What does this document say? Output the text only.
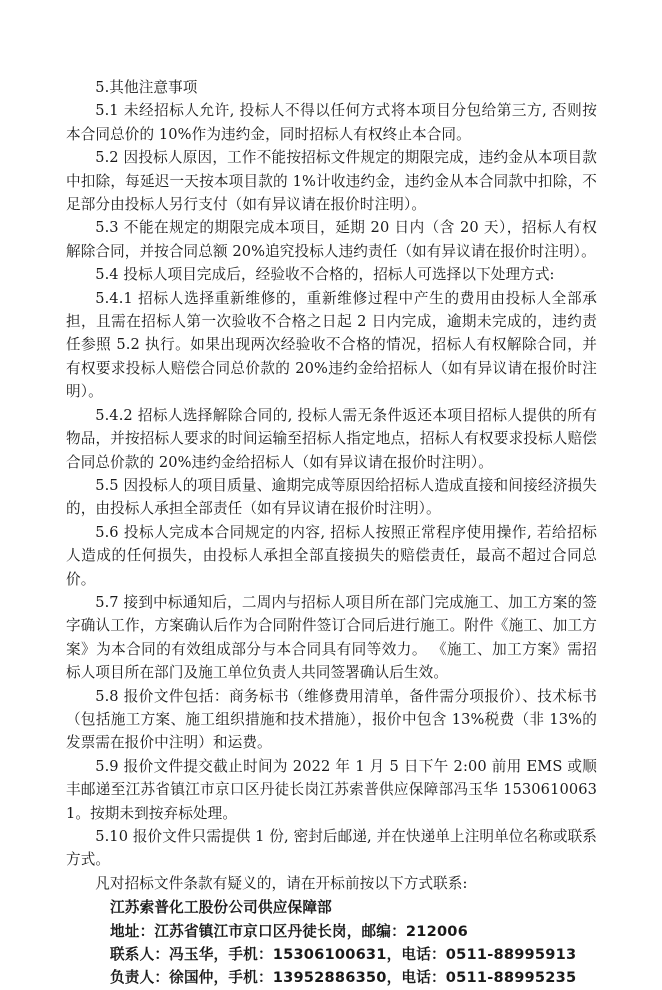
5.其他注意事项

5.1 未经招标人允许, 投标人不得以任何方式将本项目分包给第三方, 否则按本合同总价的 10%作为违约金，同时招标人有权终止本合同。

5.2 因投标人原因，工作不能按招标文件规定的期限完成，违约金从本项目款中扣除，每延迟一天按本项目款的 1%计收违约金，违约金从本合同款中扣除，不足部分由投标人另行支付（如有异议请在报价时注明）。

5.3 不能在规定的期限完成本项目，延期 20 日内（含 20 天），招标人有权解除合同，并按合同总额 20%追究投标人违约责任（如有异议请在报价时注明）。

5.4 投标人项目完成后，经验收不合格的，招标人可选择以下处理方式:

5.4.1 招标人选择重新维修的，重新维修过程中产生的费用由投标人全部承担，且需在招标人第一次验收不合格之日起 2 日内完成，逾期未完成的，违约责任参照 5.2 执行。如果出现两次经验收不合格的情况，招标人有权解除合同，并有权要求投标人赔偿合同总价款的 20%违约金给招标人（如有异议请在报价时注明）。

5.4.2 招标人选择解除合同的, 投标人需无条件返还本项目招标人提供的所有物品，并按招标人要求的时间运输至招标人指定地点，招标人有权要求投标人赔偿合同总价款的 20%违约金给招标人（如有异议请在报价时注明）。

5.5 因投标人的项目质量、逾期完成等原因给招标人造成直接和间接经济损失的，由投标人承担全部责任（如有异议请在报价时注明）。

5.6 投标人完成本合同规定的内容, 招标人按照正常程序使用操作, 若给招标人造成的任何损失，由投标人承担全部直接损失的赔偿责任，最高不超过合同总价。

5.7 接到中标通知后，二周内与招标人项目所在部门完成施工、加工方案的签字确认工作，方案确认后作为合同附件签订合同后进行施工。附件《施工、加工方案》为本合同的有效组成部分与本合同具有同等效力。 《施工、加工方案》需招标人项目所在部门及施工单位负责人共同签署确认后生效。

5.8 报价文件包括：商务标书（维修费用清单，备件需分项报价）、技术标书（包括施工方案、施工组织措施和技术措施），报价中包含 13%税费（非 13%的发票需在报价中注明）和运费。

5.9 报价文件提交截止时间为 2022 年 1 月 5 日下午 2:00 前用 EMS 或顺丰邮递至江苏省镇江市京口区丹徒长岗江苏索普供应保障部冯玉华 15306100631。按期未到按弃标处理。

5.10 报价文件只需提供 1 份, 密封后邮递, 并在快递单上注明单位名称或联系方式。

凡对招标文件条款有疑义的，请在开标前按以下方式联系:

江苏索普化工股份公司供应保障部

地址：江苏省镇江市京口区丹徒长岗，邮编：212006

联系人：冯玉华，手机：15306100631，电话：0511-88995913

负责人：徐国仲，手机：13952886350，电话：0511-88995235
